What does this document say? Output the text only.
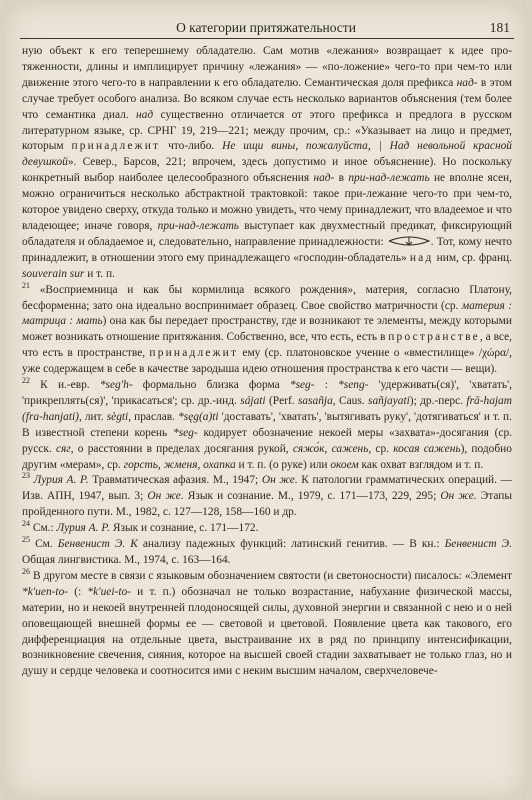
О категории притяжательности	181

ную объект к его теперешнему обладателю. Сам мотив «лежания» возвращает к идее про-тяженности, длины и имплицирует причину «лежания» — «по-ложение» чего-то при чем-то или движение этого чего-то в направлении к его обладателю. Семантическая доля префикса над- в этом случае требует особого анализа. Во всяком случае есть несколько вариантов объяснения (тем более что семантика диал. над существенно отличается от этого префикса и предлога в русском литературном языке, ср. СРНГ 19, 219—221; между прочим, ср.: «Указывает на лицо и предмет, которым принадлежит что-либо. Не ищи вины, пожалуйста, | Над невольной красной девушкой». Север., Барсов, 221; впрочем, здесь допустимо и иное объяснение). Но поскольку конкретный выбор наиболее целесообразного объяснения над- в при-над-лежать не вполне ясен, можно ограничиться несколько абстрактной трактовкой: такое при-лежание чего-то при чем-то, которое увидено сверху, откуда только и можно увидеть, что чему принадлежит, что владеемое и что владеющее; иначе говоря, при-над-лежать выступает как двухместный предикат, фиксирующий обладателя и обладаемое и, следовательно, направление принадлежности:	. Тот, кому нечто принадлежит, в отношении этого ему принадлежащего «господин-обладатель» над ним, ср. франц. souverain sur и т. п.

$^{21}$ «Восприемница и как бы кормилица всякого рождения», материя, согласно Платону, бесформенна; зато она идеально воспринимает образец. Свое свойство матричности (ср. материя : матрица : мать) она как бы передает пространству, где и возникают те элементы, между которыми может возникать отношение притяжания. Собственно, все, что есть, есть в пространстве, а все, что есть в пространстве, принадлежит ему (ср. платоновское учение о «вместилище» /χώρα/, уже содержащем в себе в качестве зародыша идею отношения пространства к его части — вещи).

$^{22}$ К и.-евр. *seg'h- формально близка форма *seg- : *seng- 'удерживать(ся)', 'хватать', 'прикреплять(ся)', 'прикасаться'; ср. др.-инд. sájati (Perf. sasañja, Caus. sañjayati); др.-перс. frā-hajam (fra-hanjati), лит. sègti, праслав. *sęg(a)ti 'доставать', 'хватать', 'вытягивать руку', 'дотягиваться' и т. п. В известной степени корень *seg- кодирует обозначение некоей меры «захвата»-досягания (ср. русск. сяг, о расстоянии в пределах досягания рукой, сяжо́к, сажень, ср. косая сажень), подобно другим «мерам», ср. горсть, жменя, охапка и т. п. (о руке) или окоем как охват взглядом и т. п.

$^{23}$ Лурия А. Р. Травматическая афазия. М., 1947; Он же. К патологии грамматических операций. — Изв. АПН, 1947, вып. 3; Он же. Язык и сознание. М., 1979, с. 171—173, 229, 295; Он же. Этапы пройденного пути. М., 1982, с. 127—128, 158—160 и др.

$^{24}$ См.: Лурия А. Р. Язык и сознание, с. 171—172.

$^{25}$ См. Бенвенист Э. К анализу падежных функций: латинский генитив. — В кн.: Бенвенист Э. Общая лингвистика. М., 1974, с. 163—164.

$^{26}$ В другом месте в связи с языковым обозначением святости (и светоносности) писалось: «Элемент *k'uen-to- (: *k'uei-to- и т. п.) обозначал не только возрастание, набухание физической массы, материи, но и некоей внутренней плодоносящей силы, духовной энергии и связанной с нею и о ней оповещающей внешней формы ее — световой и цветовой. Появление цвета как такового, его дифференциация на отдельные цвета, выстраивание их в ряд по принципу интенсификации, возникновение свечения, сияния, которое на высшей своей стадии захватывает не только глаз, но и душу и сердце человека и соотносится ими с неким высшим началом, сверхчеловече-
